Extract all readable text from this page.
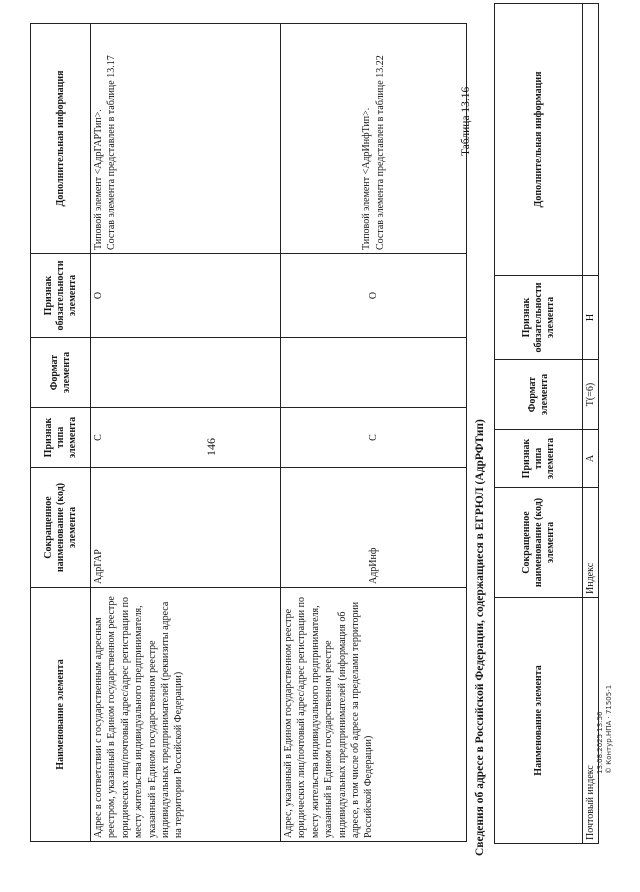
146
Наименование элемента	Сокращенное наименование (код) элемента	Признак типа элемента	Формат элемента	Признак обязательности элемента	Дополнительная информация
Адрес в соответствии с государственным адресным реестром, указанный в Едином государственном реестре юридических лиц/почтовый адрес/адрес регистрации по месту жительства индивидуального предпринимателя, указанный в Едином государственном реестре индивидуальных предпринимателей (реквизиты адреса на территории Российской Федерации)	АдрГАР	С		О	Типовой элемент <АдрГАРТип>. Состав элемента представлен в таблице 13.17

Адрес, указанный в Едином государственном реестре юридических лиц/почтовый адрес/адрес регистрации по месту жительства индивидуального предпринимателя, указанный в Едином государственном реестре индивидуальных предпринимателей (информация об адресе, в том числе об адресе за пределами территории Российской Федерации)	АдрИнф	С		О	Типовой элемент <АдрИнфТип>. Состав элемента представлен в таблице 13.22	Таблица 13.16
Сведения об адресе в Российской Федерации, содержащиеся в ЕГРЮЛ (АдрРФТип)	Наименование элемента	Сокращенное наименование (код) элемента	Признак типа элемента	Формат элемента	Признак обязательности элемента	Дополнительная информация
Почтовый индекс	Индекс	А	T(=6)	Н	
13.08.2025 13:56 © Контур.НПА · 71505-1
